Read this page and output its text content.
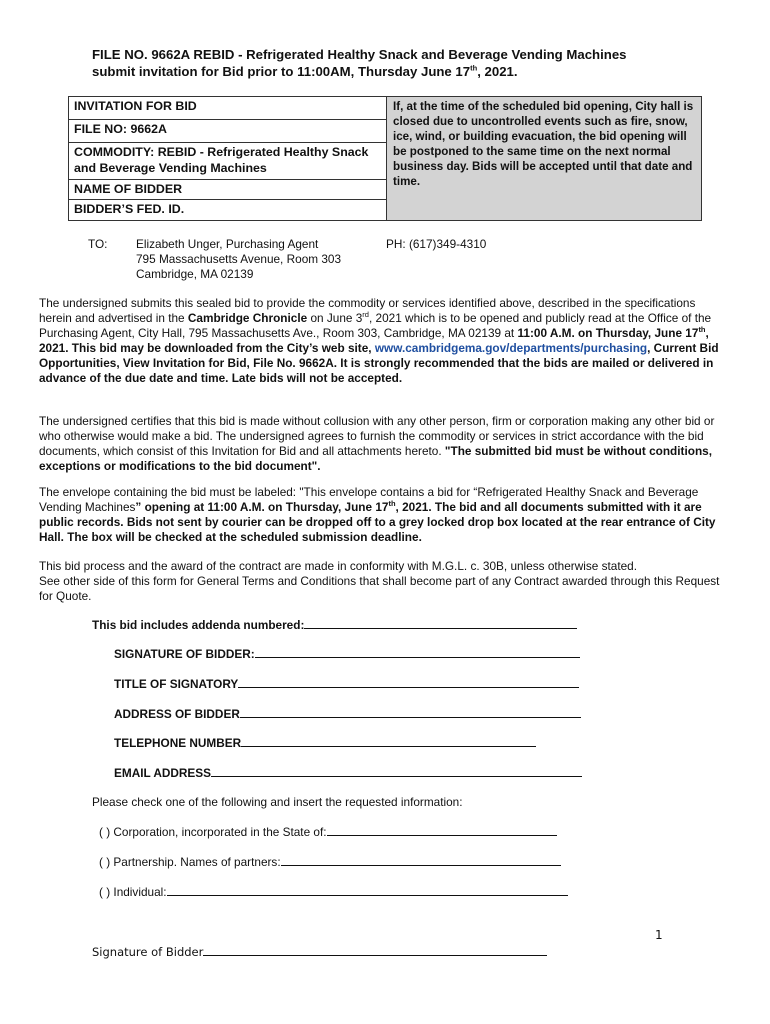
FILE NO. 9662A REBID - Refrigerated Healthy Snack and Beverage Vending Machines
submit invitation for Bid prior to 11:00AM, Thursday June 17th, 2021.
INVITATION FOR BID
FILE NO: 9662A
COMMODITY: REBID - Refrigerated Healthy Snack and Beverage Vending Machines
NAME OF BIDDER
BIDDER’S FED. ID.
If, at the time of the scheduled bid opening, City hall is closed due to uncontrolled events such as fire, snow, ice, wind, or building evacuation, the bid opening will be postponed to the same time on the next normal business day. Bids will be accepted until that date and time.
TO: Elizabeth Unger, Purchasing Agent
795 Massachusetts Avenue, Room 303
Cambridge, MA 02139
PH: (617)349-4310
The undersigned submits this sealed bid to provide the commodity or services identified above, described in the specifications herein and advertised in the Cambridge Chronicle on June 3rd, 2021 which is to be opened and publicly read at the Office of the Purchasing Agent, City Hall, 795 Massachusetts Ave., Room 303, Cambridge, MA 02139 at 11:00 A.M. on Thursday, June 17th, 2021. This bid may be downloaded from the City’s web site, www.cambridgema.gov/departments/purchasing, Current Bid Opportunities, View Invitation for Bid, File No. 9662A. It is strongly recommended that the bids are mailed or delivered in advance of the due date and time. Late bids will not be accepted.
The undersigned certifies that this bid is made without collusion with any other person, firm or corporation making any other bid or who otherwise would make a bid. The undersigned agrees to furnish the commodity or services in strict accordance with the bid documents, which consist of this Invitation for Bid and all attachments hereto. "The submitted bid must be without conditions, exceptions or modifications to the bid document".
The envelope containing the bid must be labeled: "This envelope contains a bid for “Refrigerated Healthy Snack and Beverage Vending Machines” opening at 11:00 A.M. on Thursday, June 17th, 2021. The bid and all documents submitted with it are public records. Bids not sent by courier can be dropped off to a grey locked drop box located at the rear entrance of City Hall. The box will be checked at the scheduled submission deadline.
This bid process and the award of the contract are made in conformity with M.G.L. c. 30B, unless otherwise stated.
See other side of this form for General Terms and Conditions that shall become part of any Contract awarded through this Request for Quote.
This bid includes addenda numbered:
SIGNATURE OF BIDDER:
TITLE OF SIGNATORY
ADDRESS OF BIDDER
TELEPHONE NUMBER
EMAIL ADDRESS
Please check one of the following and insert the requested information:
( ) Corporation, incorporated in the State of:
( ) Partnership. Names of partners:
( ) Individual:
1
Signature of Bidder
